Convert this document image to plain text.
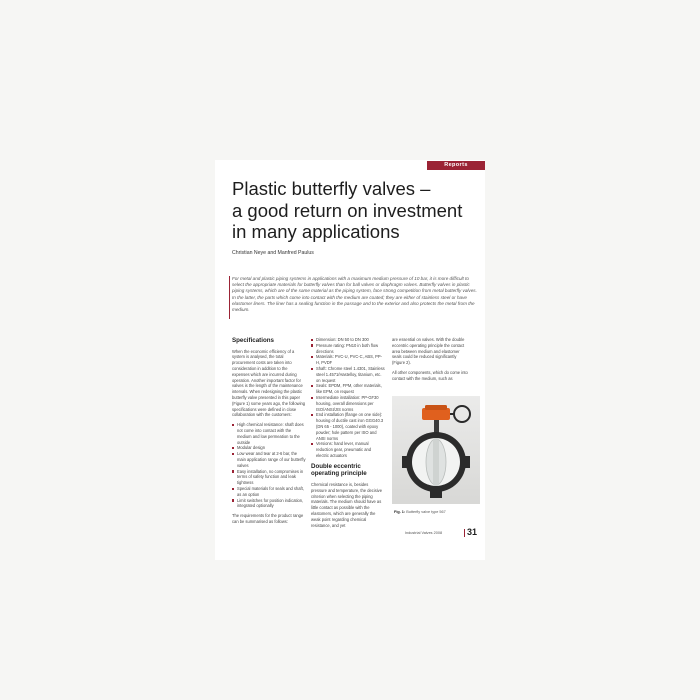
Reports
Plastic butterfly valves –
a good return on investment
in many applications
Christian Neye and Manfred Paulus

For metal and plastic piping systems in applications with a maximum medium pressure of 10 bar, it is more difficult to select the appropriate materials for butterfly valves than for ball valves or diaphragm valves. Butterfly valves in plastic piping systems, which are of the same material as the piping system, face strong competition from metal butterfly valves. In the latter, the parts which come into contact with the medium are coated; they are either of stainless steel or have elastomer liners. The liner has a sealing function in the passage and to the exterior and also protects the metal from the medium.

Specifications

When the economic efficiency of a system is analysed, the total procurement costs are taken into consideration in addition to the expenses which are incurred during operation. Another important factor for valves is the length of the maintenance intervals. When redesigning the plastic butterfly valve presented in this paper (Figure 1) some years ago, the following specifications were defined in close collaboration with the customers:

High chemical resistance: shaft does not come into contact with the medium and low permeation to the outside
Modular design
Low wear and tear at 2-6 bar, the main application range of our butterfly valves
Easy installation, no compromises in terms of safety function and leak tightness
Special materials for seals and shaft, as an option
Limit switches for position indication, integrated optionally

The requirements for the product range can be summarised as follows:

Dimension: DN 50 to DN 300
Pressure rating: PN10 in both flow directions
Materials: PVC-U, PVC-C, ABS, PP-H, PVDF
Shaft: Chrome steel 1.4301, Stainless steel 1.4571/Hastelloy, titanium, etc. on request
Seals: EPDM, FPM, other materials, like EPM, on request
Intermediate installation: PP-GF30 housing, overall dimensions per ISO/ANSI/JIS norms
End installation (flange on one side): housing of ductile cast iron GGG40.3 (DN 65 - 1000), coated with epoxy powder; hole pattern per ISO and ANSI norms
Versions: hand lever, manual reduction gear, pneumatic and electric actuators
Double eccentric operating principle

Chemical resistance is, besides pressure and temperature, the decisive criterion when selecting the piping materials. The medium should have as little contact as possible with the elastomers, which are generally the weak point regarding chemical resistance, and yet

are essential on valves. With the double eccentric operating principle the contact area between medium and elastomer seals could be reduced significantly (Figure 2).

All other components, which do come into contact with the medium, such as

Fig. 1: Butterfly valve type 567
Industrial Valves 2008	31
